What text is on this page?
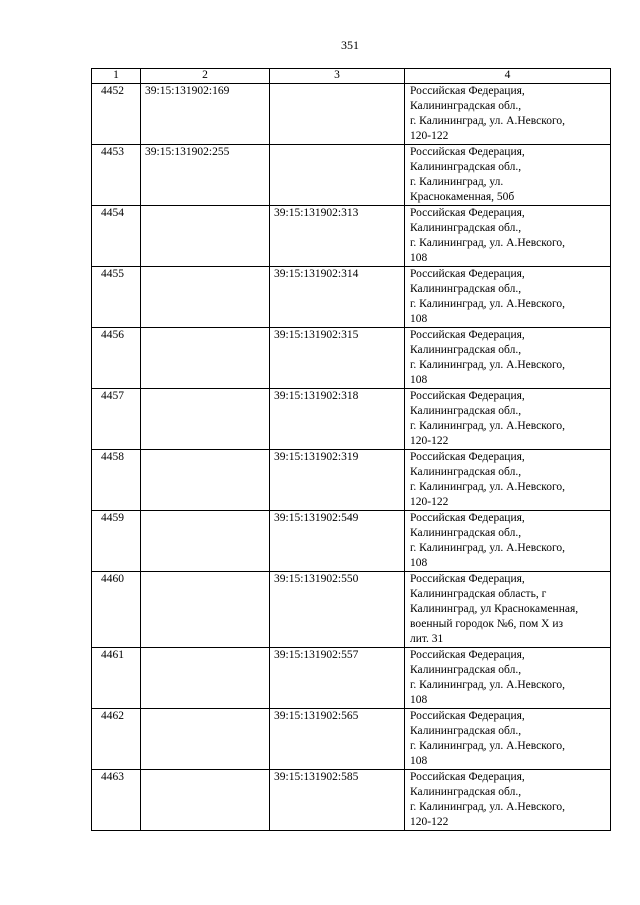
351
1	2	3	4
4452	39:15:131902:169		Российская Федерация,
Калининградская обл.,
г. Калининград, ул. А.Невского,
120-122

4453	39:15:131902:255		Российская Федерация,
Калининградская обл.,
г. Калининград, ул.
Краснокаменная, 50б

4454		39:15:131902:313	Российская Федерация,
Калининградская обл.,
г. Калининград, ул. А.Невского,
108

4455		39:15:131902:314	Российская Федерация,
Калининградская обл.,
г. Калининград, ул. А.Невского,
108

4456		39:15:131902:315	Российская Федерация,
Калининградская обл.,
г. Калининград, ул. А.Невского,
108

4457		39:15:131902:318	Российская Федерация,
Калининградская обл.,
г. Калининград, ул. А.Невского,
120-122

4458		39:15:131902:319	Российская Федерация,
Калининградская обл.,
г. Калининград, ул. А.Невского,
120-122

4459		39:15:131902:549	Российская Федерация,
Калининградская обл.,
г. Калининград, ул. А.Невского,
108

4460		39:15:131902:550	Российская Федерация,
Калининградская область, г
Калининград, ул Краснокаменная,
военный городок №6, пом X из
лит. 31

4461		39:15:131902:557	Российская Федерация,
Калининградская обл.,
г. Калининград, ул. А.Невского,
108

4462		39:15:131902:565	Российская Федерация,
Калининградская обл.,
г. Калининград, ул. А.Невского,
108

4463		39:15:131902:585	Российская Федерация,
Калининградская обл.,
г. Калининград, ул. А.Невского,
120-122
